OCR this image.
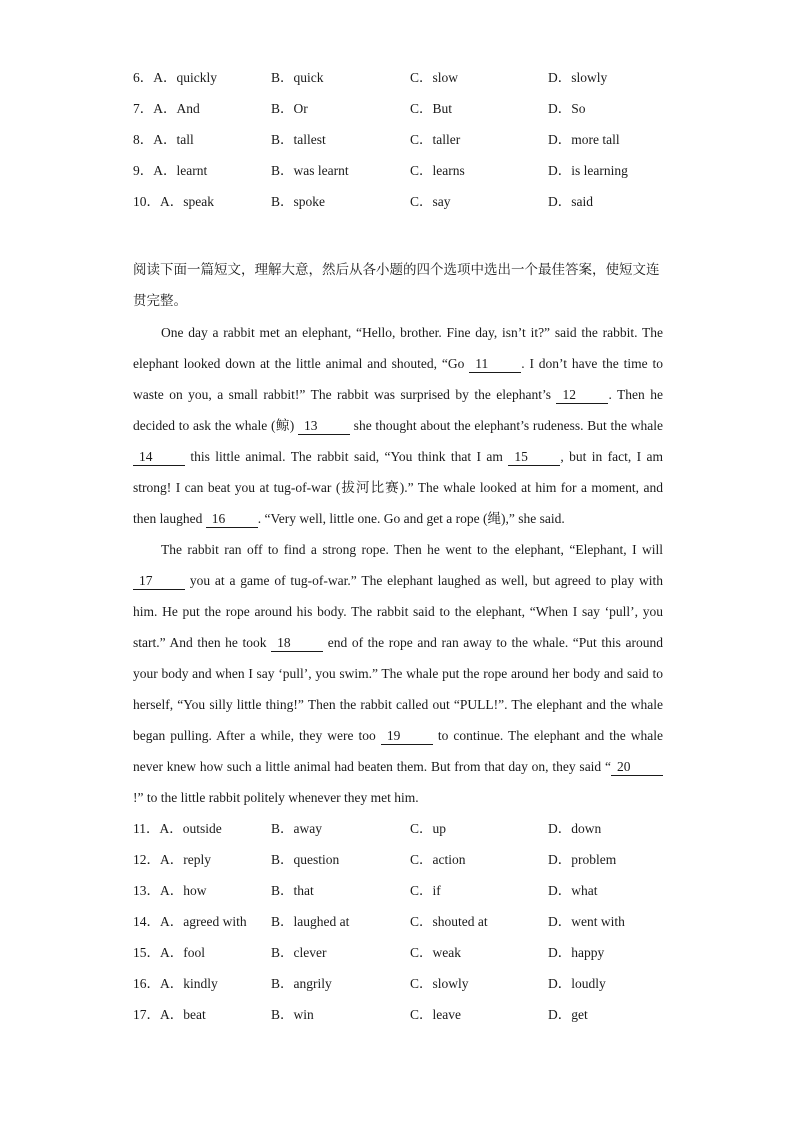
6．A．quickly	B．quick	C．slow	D．slowly
7．A．And	B．Or	C．But	D．So
8．A．tall	B．tallest	C．taller	D．more tall
9．A．learnt	B．was learnt	C．learns	D．is learning
10．A．speak	B．spoke	C．say	D．said
阅读下面一篇短文，理解大意，然后从各小题的四个选项中选出一个最佳答案，使短文连贯完整。
One day a rabbit met an elephant, “Hello, brother. Fine day, isn’t it?” said the rabbit. The elephant looked down at the little animal and shouted, “Go 11 . I don’t have the time to waste on you, a small rabbit!” The rabbit was surprised by the elephant’s 12 . Then he decided to ask the whale (鲸) 13 she thought about the elephant’s rudeness. But the whale 14 this little animal. The rabbit said, “You think that I am 15 , but in fact, I am strong! I can beat you at tug-of-war (拔河比赛).” The whale looked at him for a moment, and then laughed 16 . “Very well, little one. Go and get a rope (绳),” she said.
The rabbit ran off to find a strong rope. Then he went to the elephant, “Elephant, I will 17 you at a game of tug-of-war.” The elephant laughed as well, but agreed to play with him. He put the rope around his body. The rabbit said to the elephant, “When I say ‘pull’, you start.” And then he took 18 end of the rope and ran away to the whale. “Put this around your body and when I say ‘pull’, you swim.” The whale put the rope around her body and said to herself, “You silly little thing!” Then the rabbit called out “PULL!”. The elephant and the whale began pulling. After a while, they were too 19 to continue. The elephant and the whale never knew how such a little animal had beaten them. But from that day on, they said “ 20 !” to the little rabbit politely whenever they met him.
11．A．outside	B．away	C．up	D．down
12．A．reply	B．question	C．action	D．problem
13．A．how	B．that	C．if	D．what
14．A．agreed with B．laughed at	C．shouted at	D．went with
15．A．fool	B．clever	C．weak	D．happy
16．A．kindly	B．angrily	C．slowly	D．loudly
17．A．beat	B．win	C．leave	D．get
